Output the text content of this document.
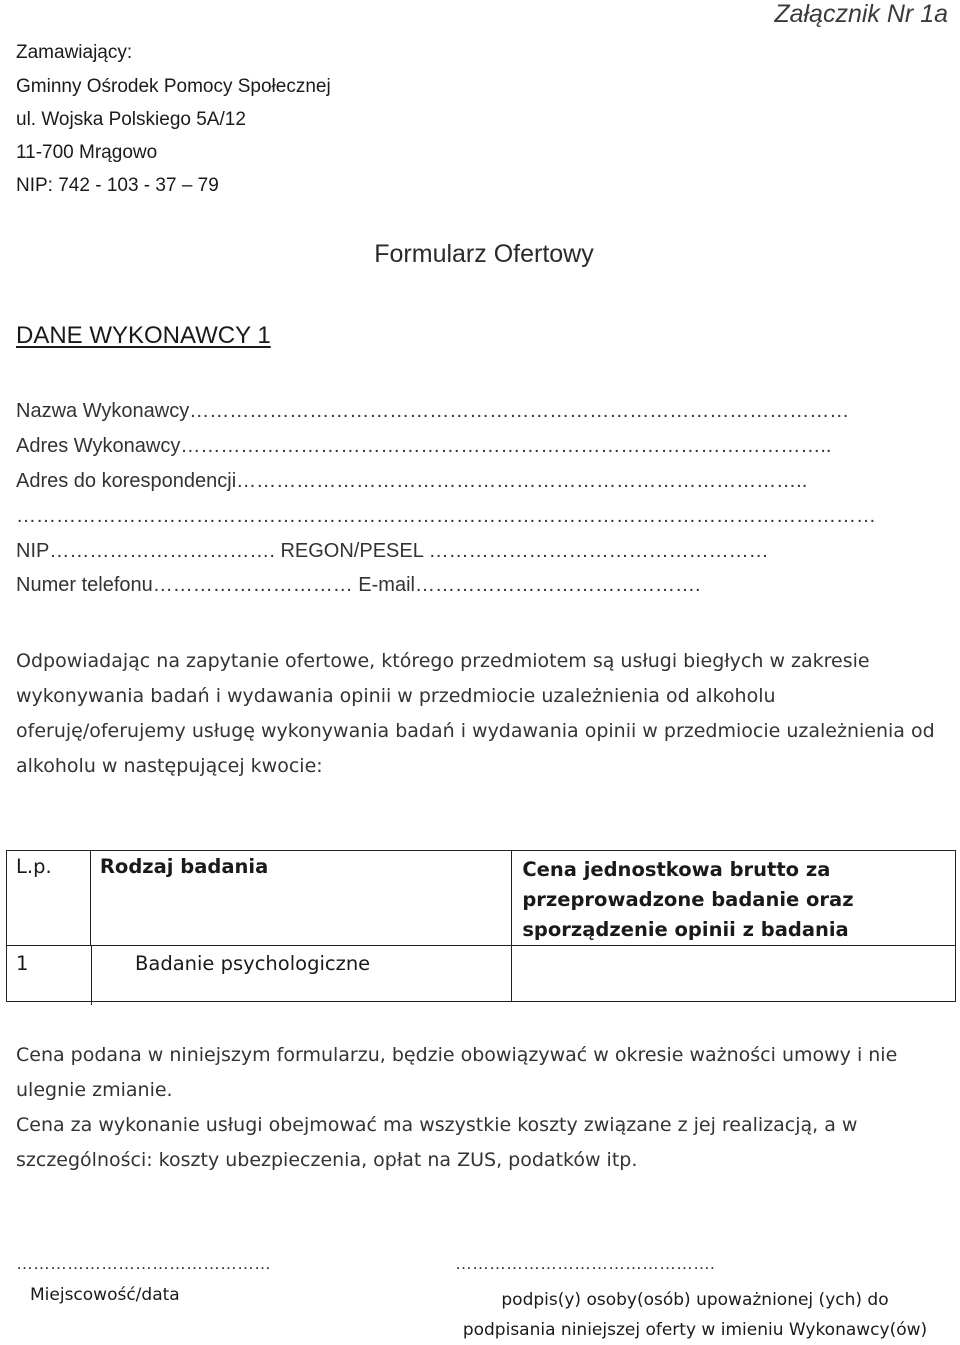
Załącznik Nr 1a
Zamawiający:
Gminny Ośrodek Pomocy Społecznej
ul. Wojska Polskiego 5A/12
11-700 Mrągowo
NIP: 742 - 103 - 37 – 79
Formularz Ofertowy
DANE WYKONAWCY 1
Nazwa Wykonawcy………………………………………………………………………………………
Adres Wykonawcy……………………………………………………………………………………..
Adres do korespondencji…………………………………………………………………………..
…………………………………………………………………………………………………………………
NIP……………………………. REGON/PESEL ……………………………………………
Numer telefonu………………………… E-mail…………………………………….
Odpowiadając na zapytanie ofertowe, którego przedmiotem są usługi biegłych w zakresie wykonywania badań i wydawania opinii w przedmiocie uzależnienia od alkoholu oferuję/oferujemy usługę wykonywania badań i wydawania opinii w przedmiocie uzależnienia od alkoholu w następującej kwocie:
L.p.	Rodzaj badania	Cena jednostkowa brutto za przeprowadzone badanie oraz sporządzenie opinii z badania

1 Badanie psychologiczne		

Cena podana w niniejszym formularzu, będzie obowiązywać w okresie ważności umowy i nie ulegnie zmianie.
Cena za wykonanie usługi obejmować ma wszystkie koszty związane z jej realizacją, a w szczególności: koszty ubezpieczenia, opłat na ZUS, podatków itp.
………………………………………	……………………………………….
Miejscowość/data	podpis(y) osoby(osób) upoważnionej (ych) do podpisania niniejszej oferty w imieniu Wykonawcy(ów)
